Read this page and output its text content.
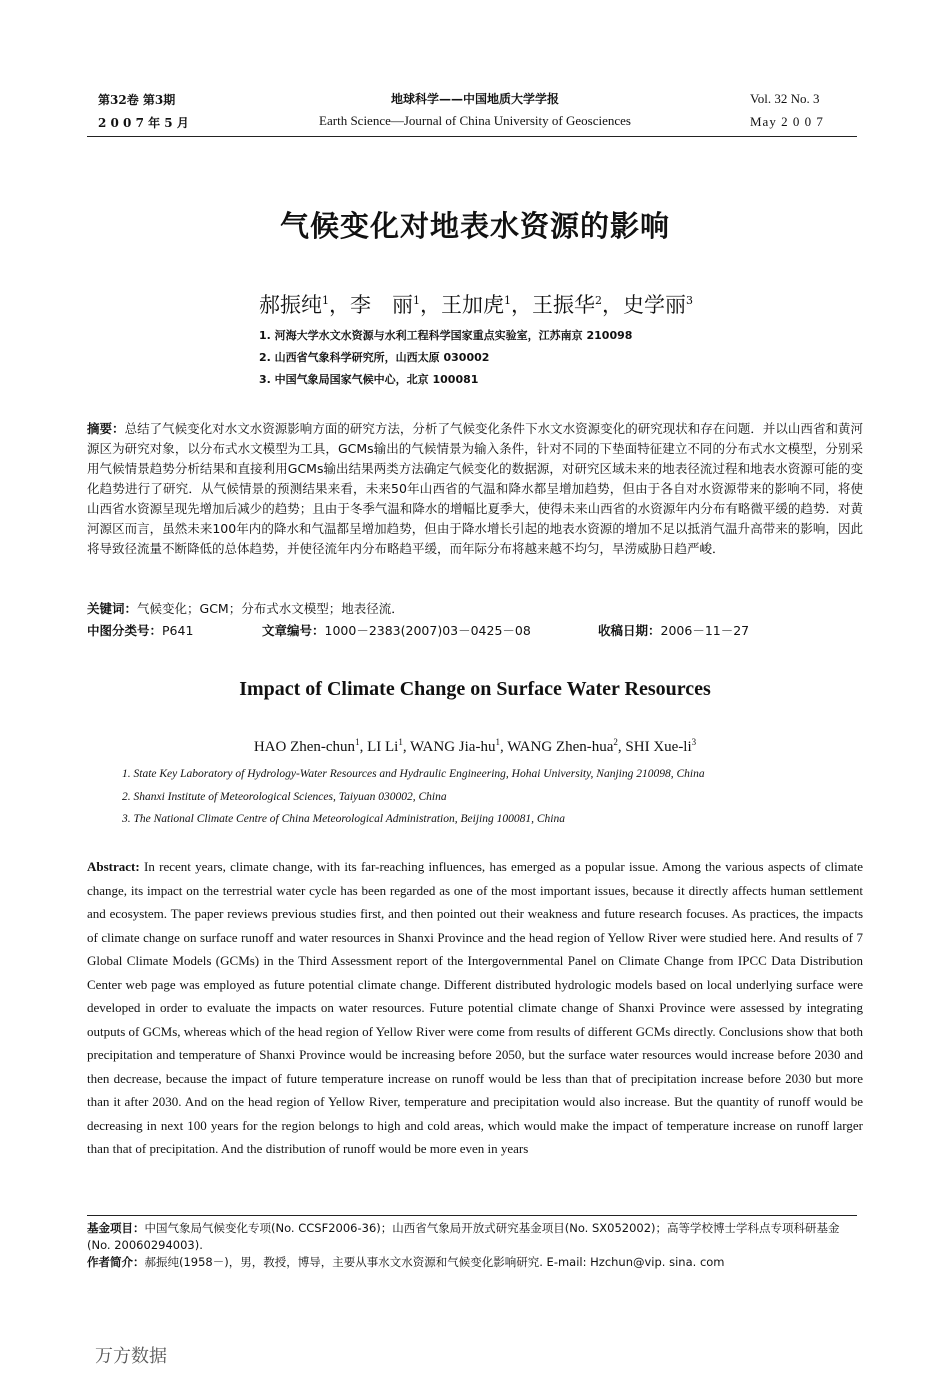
第32卷 第3期
2 0 0 7 年 5 月
地球科学——中国地质大学学报
Earth Science—Journal of China University of Geosciences
Vol. 32 No. 3
May 2 0 0 7
气候变化对地表水资源的影响
郝振纯$^1$，李　丽$^1$，王加虎$^1$，王振华$^2$，史学丽$^3$
1. 河海大学水文水资源与水利工程科学国家重点实验室，江苏南京 210098
2. 山西省气象科学研究所，山西太原 030002
3. 中国气象局国家气候中心，北京 100081
摘要：总结了气候变化对水文水资源影响方面的研究方法，分析了气候变化条件下水文水资源变化的研究现状和存在问题．并以山西省和黄河源区为研究对象，以分布式水文模型为工具，GCMs输出的气候情景为输入条件，针对不同的下垫面特征建立不同的分布式水文模型，分别采用气候情景趋势分析结果和直接利用GCMs输出结果两类方法确定气候变化的数据源，对研究区域未来的地表径流过程和地表水资源可能的变化趋势进行了研究．从气候情景的预测结果来看，未来50年山西省的气温和降水都呈增加趋势，但由于各自对水资源带来的影响不同，将使山西省水资源呈现先增加后减少的趋势；且由于冬季气温和降水的增幅比夏季大，使得未来山西省的水资源年内分布有略微平缓的趋势．对黄河源区而言，虽然未来100年内的降水和气温都呈增加趋势，但由于降水增长引起的地表水资源的增加不足以抵消气温升高带来的影响，因此将导致径流量不断降低的总体趋势，并使径流年内分布略趋平缓，而年际分布将越来越不均匀，旱涝威胁日趋严峻．
关键词：气候变化；GCM；分布式水文模型；地表径流．
中图分类号：P641	文章编号：1000－2383(2007)03－0425－08	收稿日期：2006－11－27
Impact of Climate Change on Surface Water Resources
HAO Zhen-chun$^1$, LI Li$^1$, WANG Jia-$hu^1$, WANG Zhen-hua$^2$, SHI Xue-$li^3$
1. State Key Laboratory of Hydrology-Water Resources and Hydraulic Engineering, Hohai University, Nanjing 210098, China
2. Shanxi Institute of Meteorological Sciences, Taiyuan 030002, China
3. The National Climate Centre of China Meteorological Administration, Beijing 100081, China
Abstract: In recent years, climate change, with its far-reaching influences, has emerged as a popular issue. Among the various aspects of climate change, its impact on the terrestrial water cycle has been regarded as one of the most important issues, because it directly affects human settlement and ecosystem. The paper reviews previous studies first, and then pointed out their weakness and future research focuses. As practices, the impacts of climate change on surface runoff and water resources in Shanxi Province and the head region of Yellow River were studied here. And results of 7 Global Climate Models (GCMs) in the Third Assessment report of the Intergovernmental Panel on Climate Change from IPCC Data Distribution Center web page was employed as future potential climate change. Different distributed hydrologic models based on local underlying surface were developed in order to evaluate the impacts on water resources. Future potential climate change of Shanxi Province were assessed by integrating outputs of GCMs, whereas which of the head region of Yellow River were come from results of different GCMs directly. Conclusions show that both precipitation and temperature of Shanxi Province would be increasing before 2050, but the surface water resources would increase before 2030 and then decrease, because the impact of future temperature increase on runoff would be less than that of precipitation increase before 2030 but more than it after 2030. And on the head region of Yellow River, temperature and precipitation would also increase. But the quantity of runoff would be decreasing in next 100 years for the region belongs to high and cold areas, which would make the impact of temperature increase on runoff larger than that of precipitation. And the distribution of runoff would be more even in years
基金项目：中国气象局气候变化专项(No. CCSF2006-36)；山西省气象局开放式研究基金项目(No. SX052002)；高等学校博士学科点专项科研基金(No. 20060294003).
作者简介：郝振纯(1958－)，男，教授，博导，主要从事水文水资源和气候变化影响研究. E-mail: Hzchun@vip. sina. com
万方数据
